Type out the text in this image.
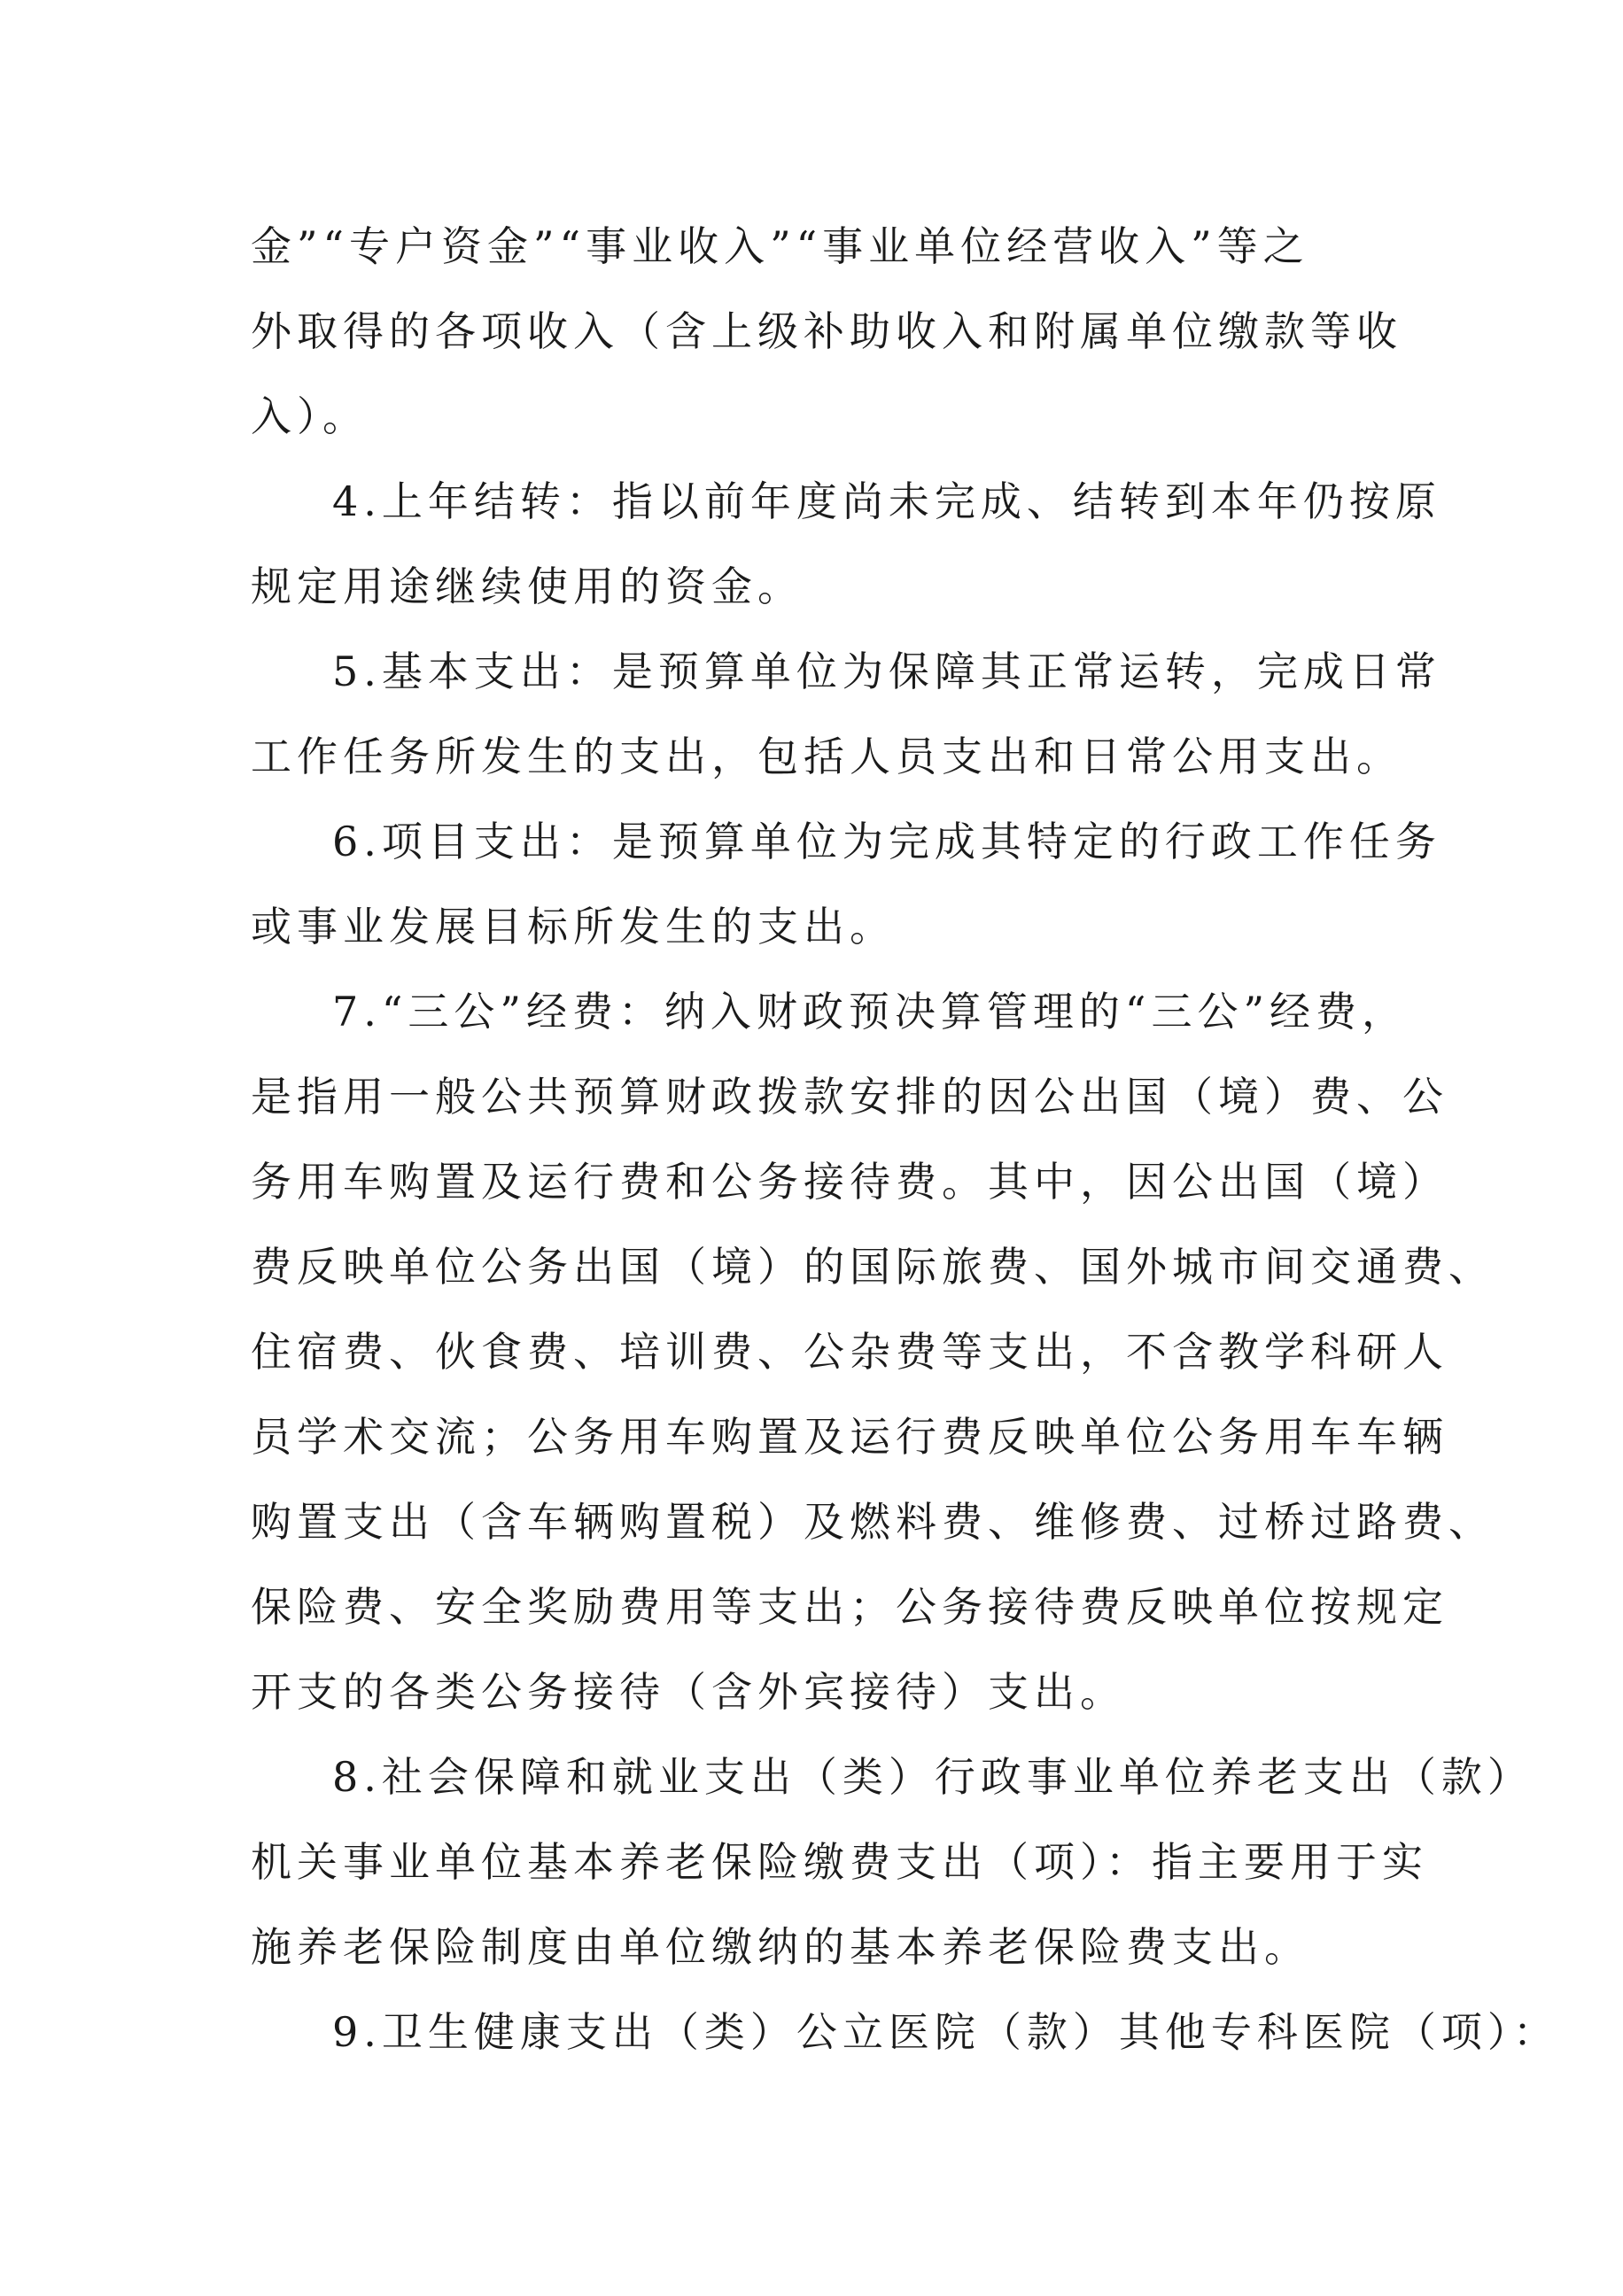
金”“专户资金”“事业收入”“事业单位经营收入”等之
外取得的各项收入（含上级补助收入和附属单位缴款等收
入）。
4.上年结转：指以前年度尚未完成、结转到本年仍按原
规定用途继续使用的资金。
5.基本支出：是预算单位为保障其正常运转，完成日常
工作任务所发生的支出，包括人员支出和日常公用支出。
6.项目支出：是预算单位为完成其特定的行政工作任务
或事业发展目标所发生的支出。
7.“三公”经费：纳入财政预决算管理的“三公”经费，
是指用一般公共预算财政拨款安排的因公出国（境）费、公
务用车购置及运行费和公务接待费。其中，因公出国（境）
费反映单位公务出国（境）的国际旅费、国外城市间交通费、
住宿费、伙食费、培训费、公杂费等支出，不含教学科研人
员学术交流；公务用车购置及运行费反映单位公务用车车辆
购置支出（含车辆购置税）及燃料费、维修费、过桥过路费、
保险费、安全奖励费用等支出；公务接待费反映单位按规定
开支的各类公务接待（含外宾接待）支出。
8.社会保障和就业支出（类）行政事业单位养老支出（款）
机关事业单位基本养老保险缴费支出（项）：指主要用于实
施养老保险制度由单位缴纳的基本养老保险费支出。
9.卫生健康支出（类）公立医院（款）其他专科医院（项）：
